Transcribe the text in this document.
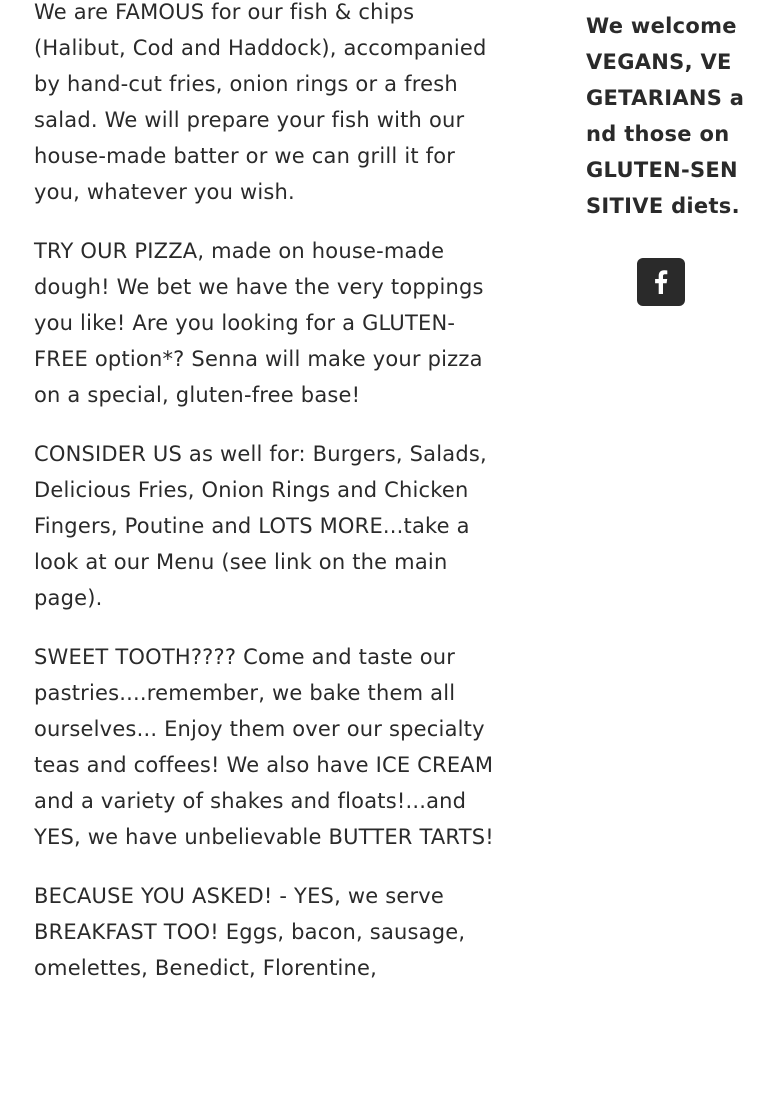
We are FAMOUS for our fish & chips (Halibut, Cod and Haddock), accompanied by hand-cut fries, onion rings or a fresh salad. We will prepare your fish with our house-made batter or we can grill it for you, whatever you wish.

TRY OUR PIZZA, made on house-made dough! We bet we have the very toppings you like! Are you looking for a GLUTEN-FREE option*? Senna will make your pizza on a special, gluten-free base!

CONSIDER US as well for: Burgers, Salads, Delicious Fries, Onion Rings and Chicken Fingers, Poutine and LOTS MORE...take a look at our Menu (see link on the main page).

SWEET TOOTH???? Come and taste our pastries....remember, we bake them all ourselves... Enjoy them over our specialty teas and coffees! We also have ICE CREAM and a variety of shakes and floats!...and YES, we have unbelievable BUTTER TARTS!

BECAUSE YOU ASKED! - YES, we serve BREAKFAST TOO! Eggs, bacon, sausage, omelettes, Benedict, Florentine,

We welcome VEGANS, VEGETARIANS and those on GLUTEN-SENSITIVE diets.
